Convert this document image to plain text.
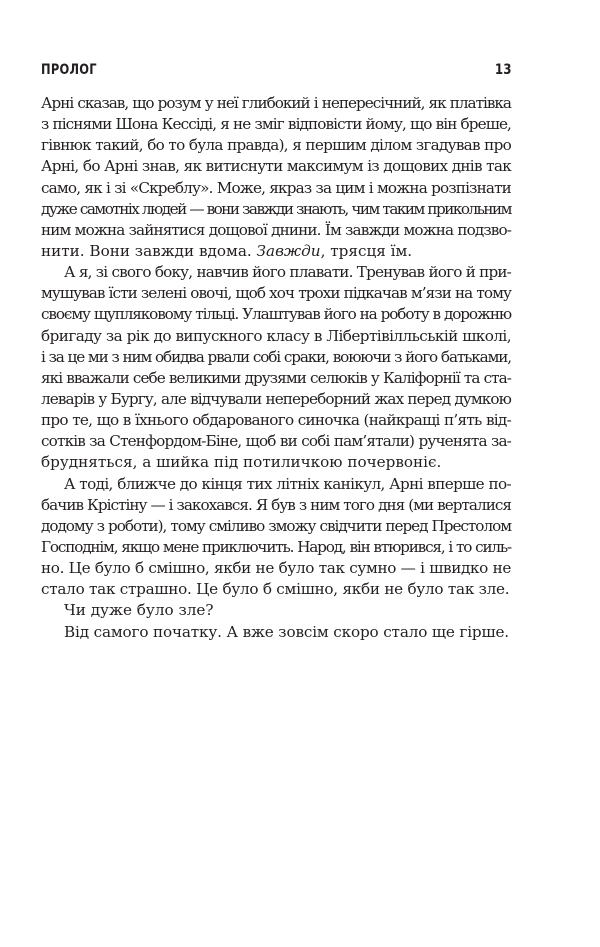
ПРОЛОГ	13
Арні сказав, що розум у неї глибокий і непересічний, як платівка
з піснями Шона Кессіді, я не зміг відповісти йому, що він бреше,
гівнюк такий, бо то була правда), я першим ділом згадував про
Арні, бо Арні знав, як витиснути максимум із дощових днів так
само, як і зі «Скреблу». Може, якраз за цим і можна розпізнати
дуже самотніх людей — вони завжди знають, чим таким прикольним
ним можна зайнятися дощової днини. Їм завжди можна подзво-
нити. Вони завжди вдома. Завжди, трясця їм.
А я, зі свого боку, навчив його плавати. Тренував його й при-
мушував їсти зелені овочі, щоб хоч трохи підкачав м’язи на тому
своєму щупляковому тільці. Улаштував його на роботу в дорожню
бригаду за рік до випускного класу в Лібертівілльській школі,
і за це ми з ним обидва рвали собі сраки, воюючи з його батьками,
які вважали себе великими друзями селюків у Каліфорнії та ста-
леварів у Бургу, але відчували непереборний жах перед думкою
про те, що в їхнього обдарованого синочка (найкращі п’ять від-
сотків за Стенфордом-Біне, щоб ви собі пам’ятали) рученята за-
брудняться, а шийка під потиличкою почервоніє.
А тоді, ближче до кінця тих літніх канікул, Арні вперше по-
бачив Крістіну — і закохався. Я був з ним того дня (ми верталися
додому з роботи), тому сміливо зможу свідчити перед Престолом
Господнім, якщо мене приключить. Народ, він втюрився, і то силь-
но. Це було б смішно, якби не було так сумно — і швидко не
стало так страшно. Це було б смішно, якби не було так зле.
Чи дуже було зле?
Від самого початку. А вже зовсім скоро стало ще гірше.
